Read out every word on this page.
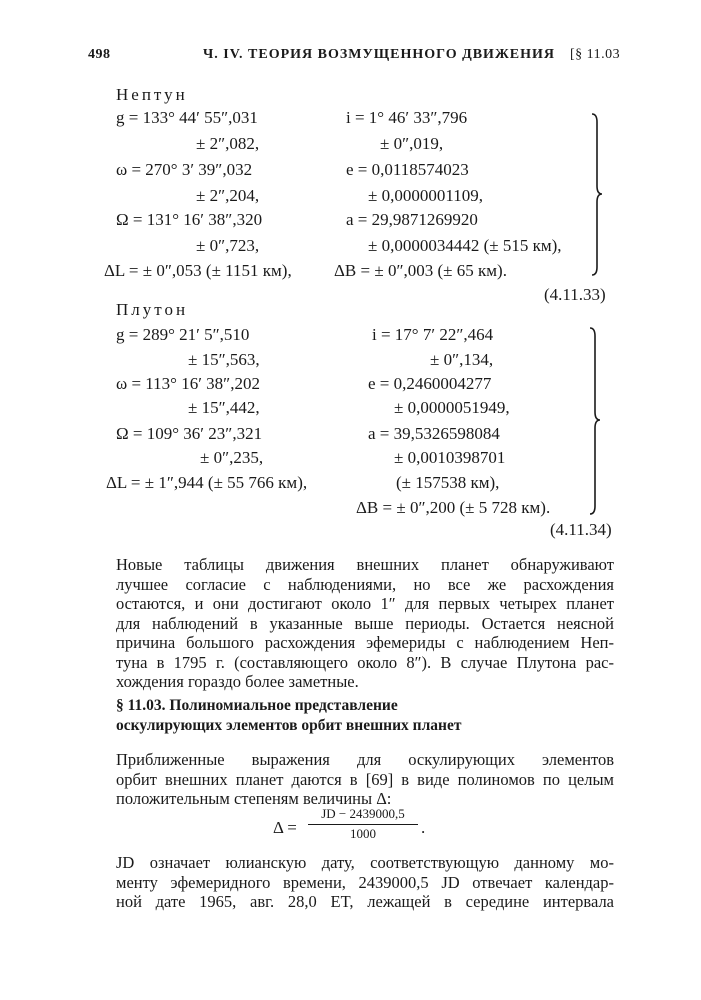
498	Ч. IV. ТЕОРИЯ ВОЗМУЩЕННОГО ДВИЖЕНИЯ [§ 11.03
Нептун
g = 133° 44′ 55″,031	i = 1° 46′ 33″,796
± 2″,082,	± 0″,019,
ω = 270° 3′ 39″,032	e = 0,0118574023
± 2″,204,	± 0,0000001109,
Ω = 131° 16′ 38″,320	a = 29,9871269920
± 0″,723,	± 0,0000034442 (± 515 км),
ΔL = ± 0″,053 (± 1151 км), ΔB = ± 0″,003 (± 65 км).
(4.11.33)
Плутон
g = 289° 21′ 5″,510	i = 17° 7′ 22″,464
± 15″,563,	± 0″,134,
ω = 113° 16′ 38″,202	e = 0,2460004277
± 15″,442,	± 0,0000051949,
Ω = 109° 36′ 23″,321	a = 39,5326598084
± 0″,235,	± 0,0010398701
ΔL = ± 1″,944 (± 55 766 км),	(± 157538 км),
ΔB = ± 0″,200 (± 5 728 км).
(4.11.34)
Новые таблицы движения внешних планет обнаруживают
лучшее согласие с наблюдениями, но все же расхождения
остаются, и они достигают около 1″ для первых четырех планет
для наблюдений в указанные выше периоды. Остается неясной
причина большого расхождения эфемериды с наблюдением Неп-
туна в 1795 г. (составляющего около 8″). В случае Плутона рас-
хождения гораздо более заметные.
§ 11.03. Полиномиальное представление
оскулирующих элементов орбит внешних планет
Приближенные выражения для оскулирующих элементов
орбит внешних планет даются в [69] в виде полиномов по целым
положительным степеням величины Δ:
$\Delta = \frac{JD - 2439000,5}{1000}$ .
JD означает юлианскую дату, соответствующую данному мо-
менту эфемеридного времени, 2439000,5 JD отвечает календар-
ной дате 1965, авг. 28,0 ET, лежащей в середине интервала
